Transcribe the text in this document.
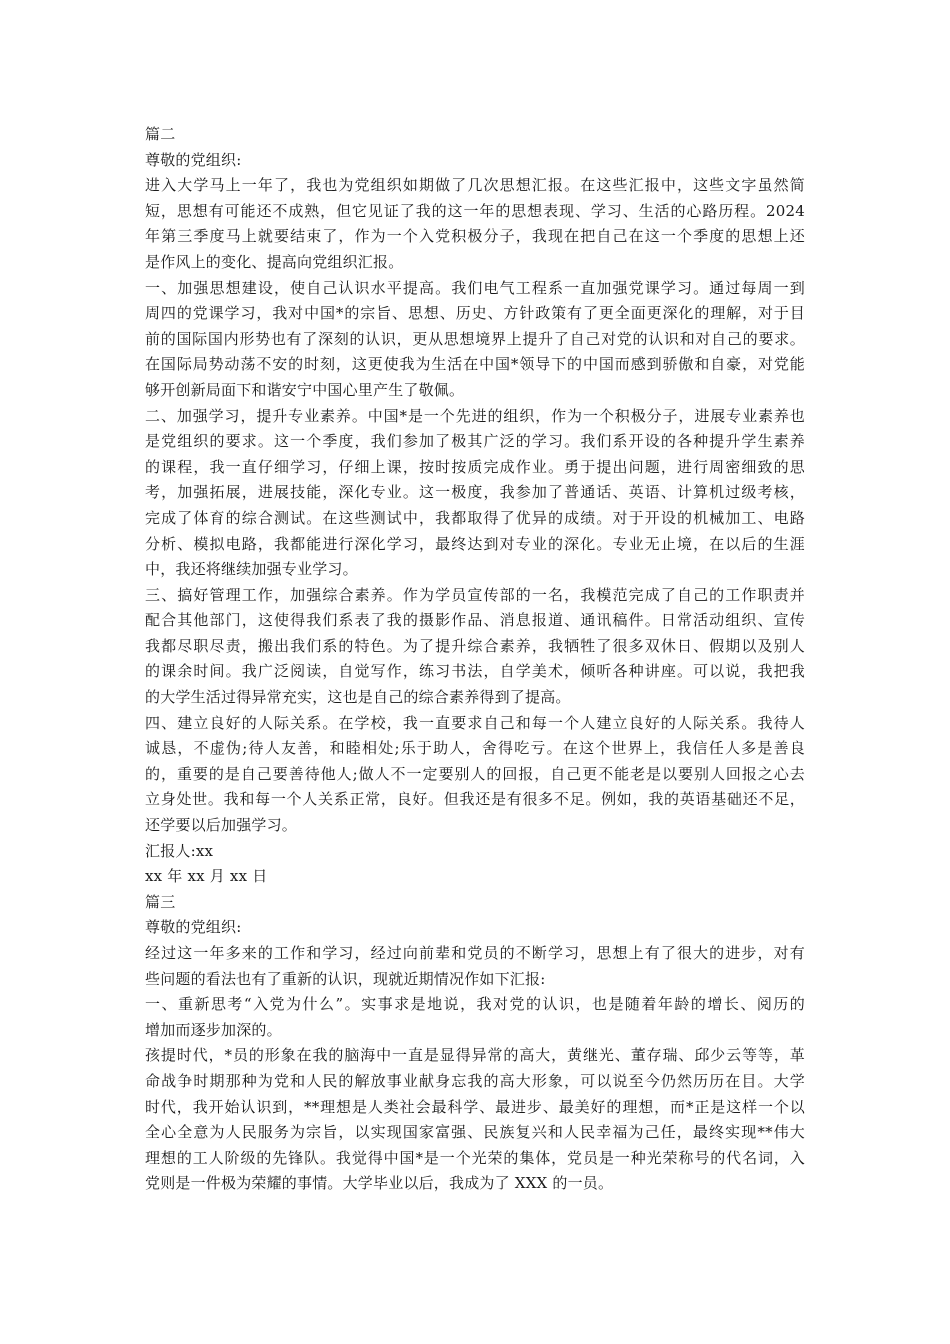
篇二
尊敬的党组织:
进入大学马上一年了，我也为党组织如期做了几次思想汇报。在这些汇报中，这些文字虽然简
短，思想有可能还不成熟，但它见证了我的这一年的思想表现、学习、生活的心路历程。2024
年第三季度马上就要结束了，作为一个入党积极分子，我现在把自己在这一个季度的思想上还
是作风上的变化、提高向党组织汇报。
一、加强思想建设，使自己认识水平提高。我们电气工程系一直加强党课学习。通过每周一到
周四的党课学习，我对中国*的宗旨、思想、历史、方针政策有了更全面更深化的理解，对于目
前的国际国内形势也有了深刻的认识，更从思想境界上提升了自己对党的认识和对自己的要求。
在国际局势动荡不安的时刻，这更使我为生活在中国*领导下的中国而感到骄傲和自豪，对党能
够开创新局面下和谐安宁中国心里产生了敬佩。
二、加强学习，提升专业素养。中国*是一个先进的组织，作为一个积极分子，进展专业素养也
是党组织的要求。这一个季度，我们参加了极其广泛的学习。我们系开设的各种提升学生素养
的课程，我一直仔细学习，仔细上课，按时按质完成作业。勇于提出问题，进行周密细致的思
考，加强拓展，进展技能，深化专业。这一极度，我参加了普通话、英语、计算机过级考核，
完成了体育的综合测试。在这些测试中，我都取得了优异的成绩。对于开设的机械加工、电路
分析、模拟电路，我都能进行深化学习，最终达到对专业的深化。专业无止境，在以后的生涯
中，我还将继续加强专业学习。
三、搞好管理工作，加强综合素养。作为学员宣传部的一名，我模范完成了自己的工作职责并
配合其他部门，这使得我们系表了我的摄影作品、消息报道、通讯稿件。日常活动组织、宣传
我都尽职尽责，搬出我们系的特色。为了提升综合素养，我牺牲了很多双休日、假期以及别人
的课余时间。我广泛阅读，自觉写作，练习书法，自学美术，倾听各种讲座。可以说，我把我
的大学生活过得异常充实，这也是自己的综合素养得到了提高。
四、建立良好的人际关系。在学校，我一直要求自己和每一个人建立良好的人际关系。我待人
诚恳，不虚伪;待人友善，和睦相处;乐于助人，舍得吃亏。在这个世界上，我信任人多是善良
的，重要的是自己要善待他人;做人不一定要别人的回报，自己更不能老是以要别人回报之心去
立身处世。我和每一个人关系正常，良好。但我还是有很多不足。例如，我的英语基础还不足，
还学要以后加强学习。
汇报人:xx
xx 年 xx 月 xx 日
篇三
尊敬的党组织:
经过这一年多来的工作和学习，经过向前辈和党员的不断学习，思想上有了很大的进步，对有
些问题的看法也有了重新的认识，现就近期情况作如下汇报:
一、重新思考“入党为什么”。实事求是地说，我对党的认识，也是随着年龄的增长、阅历的
增加而逐步加深的。
孩提时代，*员的形象在我的脑海中一直是显得异常的高大，黄继光、董存瑞、邱少云等等，革
命战争时期那种为党和人民的解放事业献身忘我的高大形象，可以说至今仍然历历在目。大学
时代，我开始认识到，**理想是人类社会最科学、最进步、最美好的理想，而*正是这样一个以
全心全意为人民服务为宗旨，以实现国家富强、民族复兴和人民幸福为己任，最终实现**伟大
理想的工人阶级的先锋队。我觉得中国*是一个光荣的集体，党员是一种光荣称号的代名词，入
党则是一件极为荣耀的事情。大学毕业以后，我成为了 XXX 的一员。
